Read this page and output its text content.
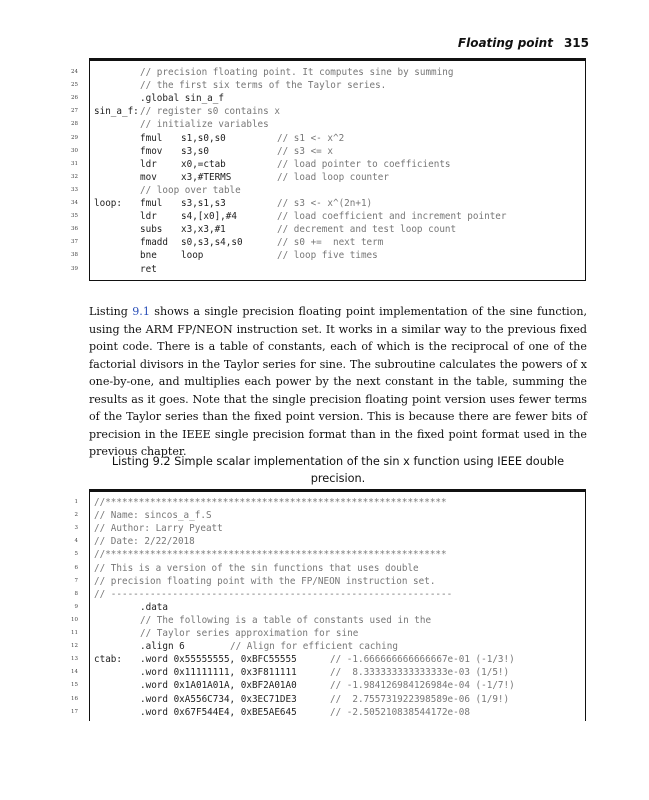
Floating point 315
24	// precision floating point. It computes sine by summing
25	// the first six terms of the Taylor series.
26	.global sin_a_f
27 sin_a_f: // register s0 contains x
28	// initialize variables
29	fmul s1,s0,s0	// s1 <- x^2
30	fmov s3,s0	// s3 <= x
31	ldr	x0,=ctab	// load pointer to coefficients
32	mov	x3,#TERMS	// load loop counter
33	// loop over table
34 loop: fmul s3,s1,s3	// s3 <- x^(2n+1)
35	ldr	s4,[x0],#4	// load coefficient and increment pointer
36	subs x3,x3,#1	// decrement and test loop count
37	fmadd s0,s3,s4,s0	// s0 +=  next term
38	bne	loop	// loop five times
39	ret
Listing 9.1 shows a single precision floating point implementation of the sine function, using the ARM FP/NEON instruction set. It works in a similar way to the previous fixed point code. There is a table of constants, each of which is the reciprocal of one of the factorial divisors in the Taylor series for sine. The subroutine calculates the powers of x one-by-one, and multiplies each power by the next constant in the table, summing the results as it goes. Note that the single precision floating point version uses fewer terms of the Taylor series than the fixed point version. This is because there are fewer bits of precision in the IEEE single precision format than in the fixed point format used in the previous chapter.
Listing 9.2 Simple scalar implementation of the sin x function using IEEE double precision.
1 //*************************************************************
2 // Name: sincos_a_f.S
3 // Author: Larry Pyeatt
4 // Date: 2/22/2018
5 //*************************************************************
6 // This is a version of the sin functions that uses double
7 // precision floating point with the FP/NEON instruction set.
8 // -------------------------------------------------------------
9	.data
10	// The following is a table of constants used in the
11	// Taylor series approximation for sine
12	.align 6	// Align for efficient caching
13 ctab: .word 0x55555555, 0xBFC55555	// -1.666666666666667e-01 (-1/3!)
14	.word 0x11111111, 0x3F811111	//  8.333333333333333e-03 (1/5!)
15	.word 0x1A01A01A, 0xBF2A01A0	// -1.984126984126984e-04 (-1/7!)
16	.word 0xA556C734, 0x3EC71DE3	//  2.755731922398589e-06 (1/9!)
17	.word 0x67F544E4, 0xBE5AE645	// -2.505210838544172e-08
